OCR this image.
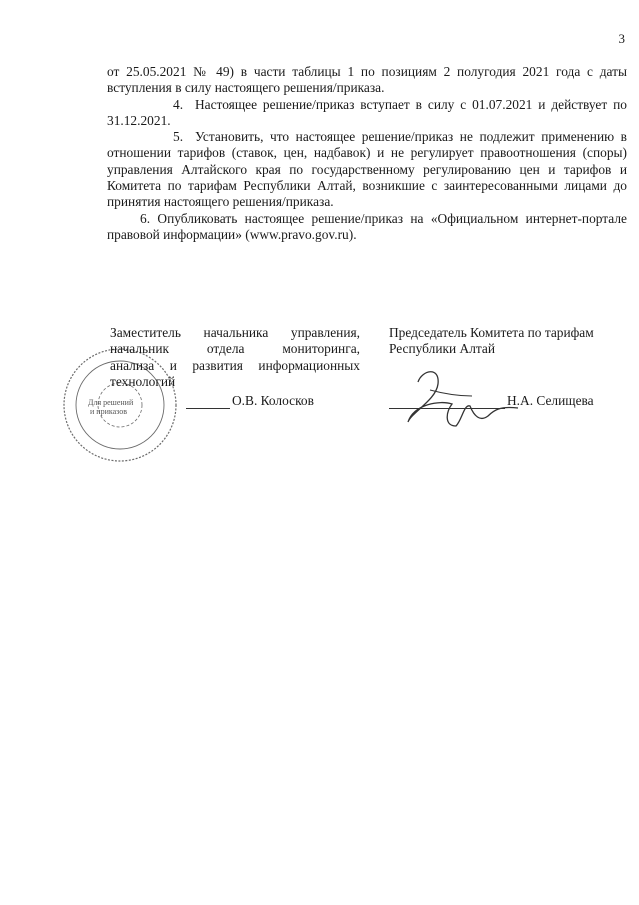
3

от 25.05.2021 № 49) в части таблицы 1 по позициям 2 полугодия 2021 года с даты вступления в силу настоящего решения/приказа.

4. Настоящее решение/приказ вступает в силу с 01.07.2021 и действует по 31.12.2021.

5. Установить, что настоящее решение/приказ не подлежит применению в отношении тарифов (ставок, цен, надбавок) и не регулирует правоотношения (споры) управления Алтайского края по государственному регулированию цен и тарифов и Комитета по тарифам Республики Алтай, возникшие с заинтересованными лицами до принятия настоящего решения/приказа.

6. Опубликовать настоящее решение/приказ на «Официальном интернет-портале правовой информации» (www.pravo.gov.ru).

Для решений
и приказов

Заместитель начальника управления,

начальник отдела мониторинга,

анализа и развития информационных

технологий

О.В. Колосков

Председатель Комитета по тарифам

Республики Алтай

Н.А. Селищева
